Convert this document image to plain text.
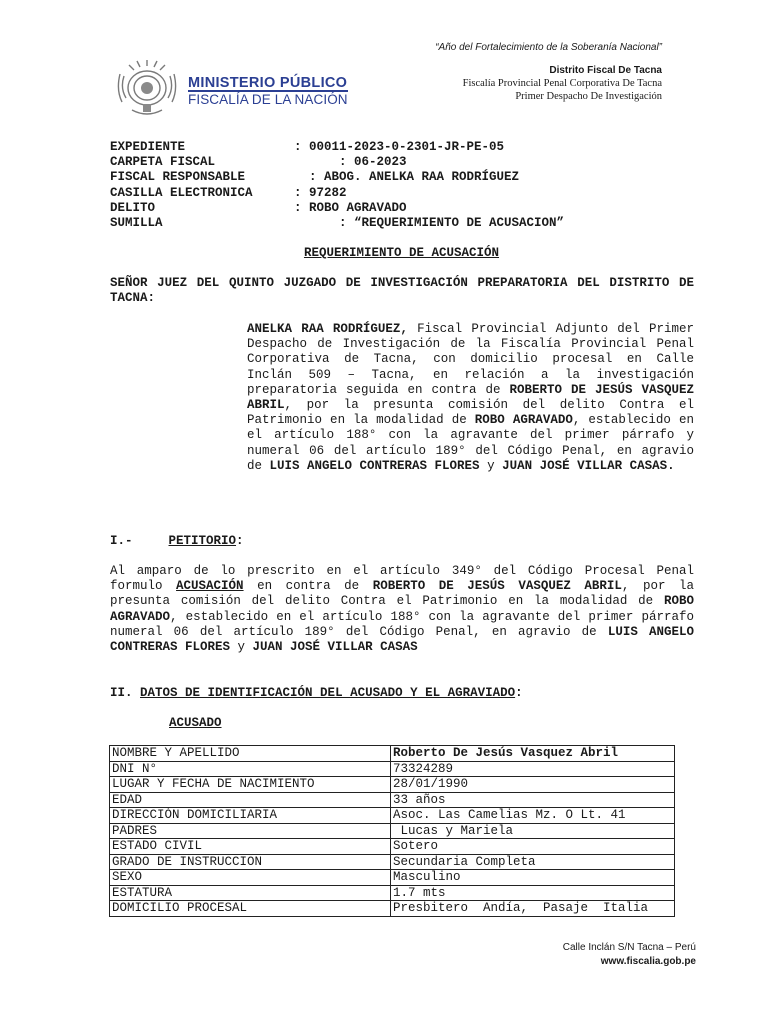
“Año del Fortalecimiento de la Soberanía Nacional”
Distrito Fiscal De Tacna
Fiscalía Provincial Penal Corporativa De Tacna
Primer Despacho De Investigación
MINISTERIO PÚBLICO
FISCALÍA DE LA NACIÓN
EXPEDIENTE	: 00011-2023-0-2301-JR-PE-05
CARPETA FISCAL	: 06-2023
FISCAL RESPONSABLE	: ABOG. ANELKA RAA RODRÍGUEZ
CASILLA ELECTRONICA	: 97282
DELITO	: ROBO AGRAVADO
SUMILLA	: “REQUERIMIENTO DE ACUSACION”
REQUERIMIENTO DE ACUSACIÓN
SEÑOR JUEZ DEL QUINTO JUZGADO DE INVESTIGACIÓN PREPARATORIA DEL DISTRITO DE TACNA:
ANELKA RAA RODRÍGUEZ, Fiscal Provincial Adjunto del Primer Despacho de Investigación de la Fiscalía Provincial Penal Corporativa de Tacna, con domicilio procesal en Calle Inclán 509 – Tacna, en relación a la investigación preparatoria seguida en contra de ROBERTO DE JESÚS VASQUEZ ABRIL, por la presunta comisión del delito Contra el Patrimonio en la modalidad de ROBO AGRAVADO, establecido en el artículo 188° con la agravante del primer párrafo y numeral 06 del artículo 189° del Código Penal, en agravio de LUIS ANGELO CONTRERAS FLORES y JUAN JOSÉ VILLAR CASAS.
I.-	PETITORIO:
Al amparo de lo prescrito en el artículo 349° del Código Procesal Penal formulo ACUSACIÓN en contra de ROBERTO DE JESÚS VASQUEZ ABRIL, por la presunta comisión del delito Contra el Patrimonio en la modalidad de ROBO AGRAVADO, establecido en el artículo 188° con la agravante del primer párrafo numeral 06 del artículo 189° del Código Penal, en agravio de LUIS ANGELO CONTRERAS FLORES y JUAN JOSÉ VILLAR CASAS
II. DATOS DE IDENTIFICACIÓN DEL ACUSADO Y EL AGRAVIADO:
ACUSADO
NOMBRE Y APELLIDO	Roberto De Jesús Vasquez Abril
DNI N°	73324289
LUGAR Y FECHA DE NACIMIENTO	28/01/1990
EDAD	33 años
DIRECCIÓN DOMICILIARIA	Asoc. Las Camelias Mz. O Lt. 41
PADRES	Lucas y Mariela
ESTADO CIVIL	Sotero
GRADO DE INSTRUCCION	Secundaria Completa
SEXO	Masculino
ESTATURA	1.7 mts
DOMICILIO PROCESAL	Presbitero  Andía,  Pasaje  Italia
Calle Inclán S/N Tacna – Perú
www.fiscalia.gob.pe
